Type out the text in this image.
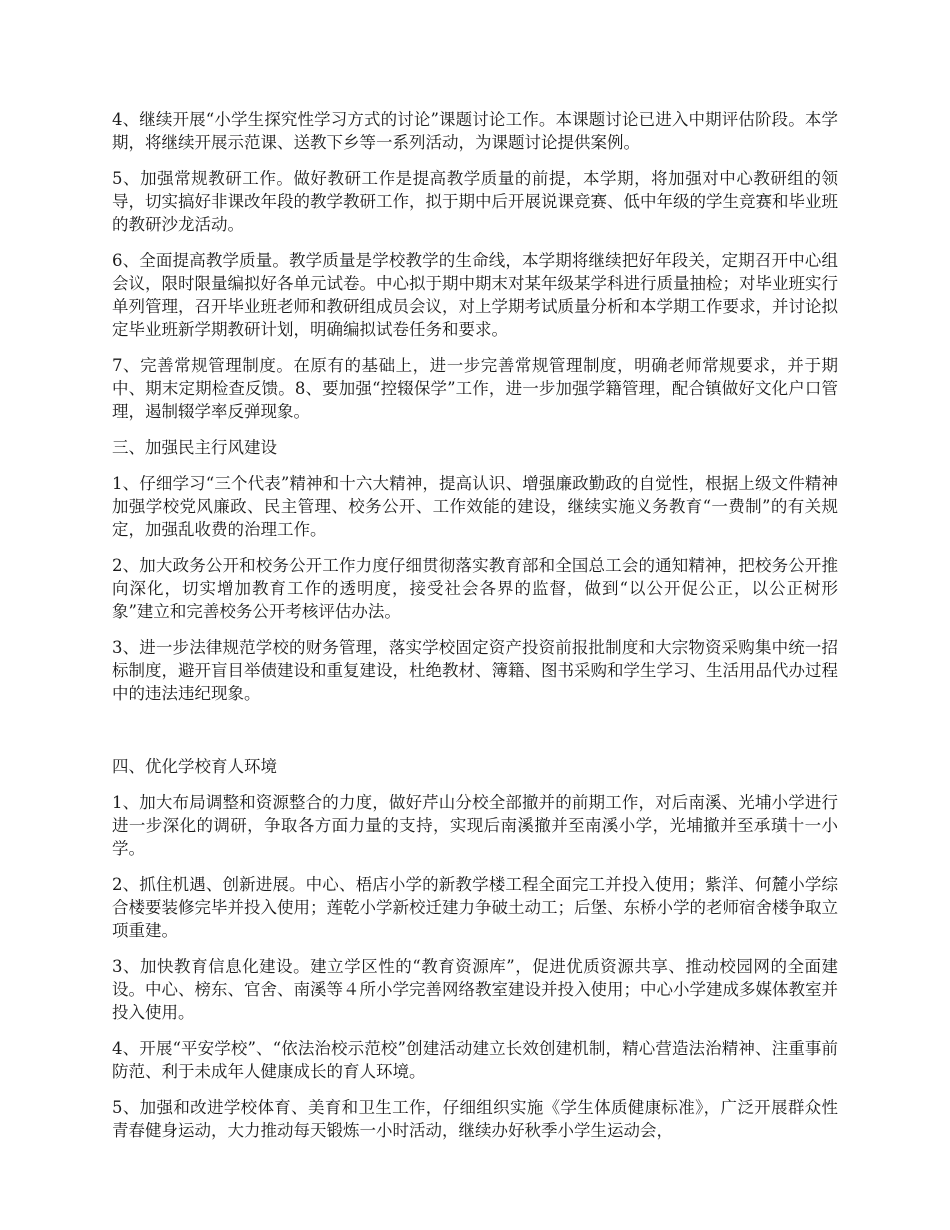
4、继续开展“小学生探究性学习方式的讨论”课题讨论工作。本课题讨论已进入中期评估阶段。本学期，将继续开展示范课、送教下乡等一系列活动，为课题讨论提供案例。

5、加强常规教研工作。做好教研工作是提高教学质量的前提，本学期，将加强对中心教研组的领导，切实搞好非课改年段的教学教研工作，拟于期中后开展说课竞赛、低中年级的学生竞赛和毕业班的教研沙龙活动。

6、全面提高教学质量。教学质量是学校教学的生命线，本学期将继续把好年段关，定期召开中心组会议，限时限量编拟好各单元试卷。中心拟于期中期末对某年级某学科进行质量抽检；对毕业班实行单列管理，召开毕业班老师和教研组成员会议，对上学期考试质量分析和本学期工作要求，并讨论拟定毕业班新学期教研计划，明确编拟试卷任务和要求。

7、完善常规管理制度。在原有的基础上，进一步完善常规管理制度，明确老师常规要求，并于期中、期末定期检查反馈。8、要加强“控辍保学”工作，进一步加强学籍管理，配合镇做好文化户口管理，遏制辍学率反弹现象。

三、加强民主行风建设

1、仔细学习“三个代表”精神和十六大精神，提高认识、增强廉政勤政的自觉性，根据上级文件精神加强学校党风廉政、民主管理、校务公开、工作效能的建设，继续实施义务教育“一费制”的有关规定，加强乱收费的治理工作。

2、加大政务公开和校务公开工作力度仔细贯彻落实教育部和全国总工会的通知精神，把校务公开推向深化，切实增加教育工作的透明度，接受社会各界的监督，做到“以公开促公正，以公正树形象”建立和完善校务公开考核评估办法。

3、进一步法律规范学校的财务管理，落实学校固定资产投资前报批制度和大宗物资采购集中统一招标制度，避开盲目举债建设和重复建设，杜绝教材、簿籍、图书采购和学生学习、生活用品代办过程中的违法违纪现象。

四、优化学校育人环境

1、加大布局调整和资源整合的力度，做好芹山分校全部撤并的前期工作，对后南溪、光埔小学进行进一步深化的调研，争取各方面力量的支持，实现后南溪撤并至南溪小学，光埔撤并至承璜十一小学。

2、抓住机遇、创新进展。中心、梧店小学的新教学楼工程全面完工并投入使用；紫洋、何麓小学综合楼要装修完毕并投入使用；莲乾小学新校迁建力争破土动工；后堡、东桥小学的老师宿舍楼争取立项重建。

3、加快教育信息化建设。建立学区性的“教育资源库”，促进优质资源共享、推动校园网的全面建设。中心、榜东、官舍、南溪等４所小学完善网络教室建设并投入使用；中心小学建成多媒体教室并投入使用。

4、开展“平安学校”、“依法治校示范校”创建活动建立长效创建机制，精心营造法治精神、注重事前防范、利于未成年人健康成长的育人环境。

5、加强和改进学校体育、美育和卫生工作，仔细组织实施《学生体质健康标准》，广泛开展群众性青春健身运动，大力推动每天锻炼一小时活动，继续办好秋季小学生运动会，
